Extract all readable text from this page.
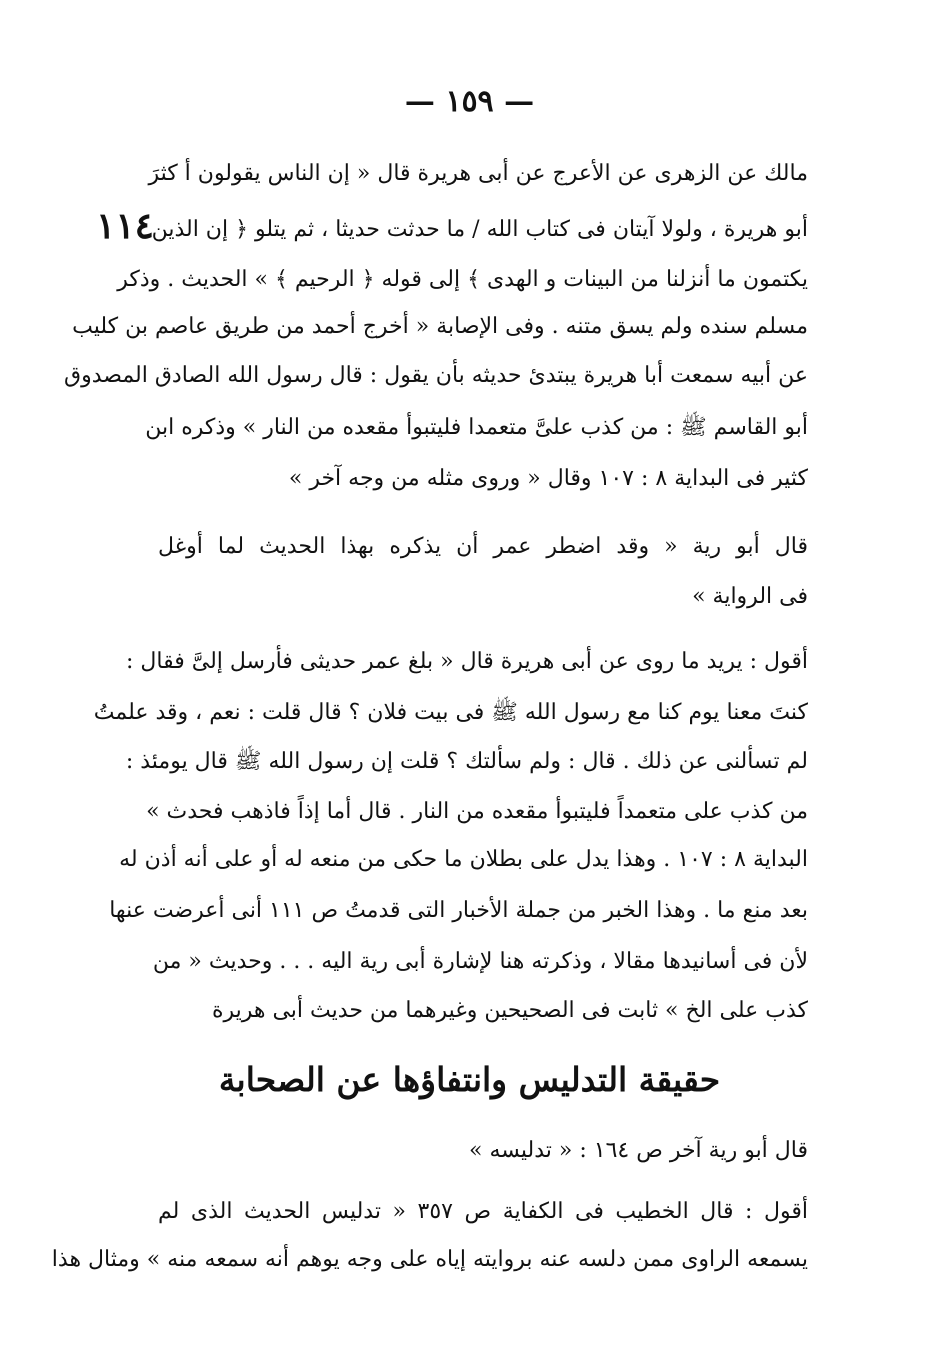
— ١٥٩ —
١١٤
مالك عن الزهرى عن الأعرج عن أبى هريرة قال « إن الناس يقولون أ كثرَ
أبو هريرة ، ولولا آيتان فى كتاب الله / ما حدثت حديثا ، ثم يتلو ﴿ إن الذين
يكتمون ما أنزلنا من البينات و الهدى ﴾ إلى قوله ﴿ الرحيم ﴾ » الحديث . وذكر
مسلم سنده ولم يسق متنه . وفى الإصابة « أخرج أحمد من طريق عاصم بن كليب
عن أبيه سمعت أبا هريرة يبتدئ حديثه بأن يقول : قال رسول الله الصادق المصدوق
أبو القاسم ﷺ : من كذب علىَّ متعمدا فليتبوأ مقعده من النار » وذكره ابن
كثير فى البداية ٨ : ١٠٧ وقال « وروى مثله من وجه آخر »
قال أبو رية « وقد اضطر عمر أن يذكره بهذا الحديث لما أوغل
فى الرواية »
أقول : يريد ما روى عن أبى هريرة قال « بلغ عمر حديثى فأرسل إلىَّ فقال :
كنتَ معنا يوم كنا مع رسول الله ﷺ فى بيت فلان ؟ قال قلت : نعم ، وقد علمتُ
لم تسألنى عن ذلك . قال : ولم سألتك ؟ قلت إن رسول الله ﷺ قال يومئذ :
من كذب على متعمداً فليتبوأ مقعده من النار . قال أما إذاً فاذهب فحدث »
البداية ٨ : ١٠٧ . وهذا يدل على بطلان ما حكى من منعه له أو على أنه أذن له
بعد منع ما . وهذا الخبر من جملة الأخبار التى قدمتُ ص ١١١ أنى أعرضت عنها
لأن فى أسانيدها مقالا ، وذكرته هنا لإشارة أبى رية اليه . . . وحديث « من
كذب على الخ » ثابت فى الصحيحين وغيرهما من حديث أبى هريرة
حقيقة التدليس وانتفاؤها عن الصحابة
قال أبو رية آخر ص ١٦٤ : « تدليسه »
أقول : قال الخطيب فى الكفاية ص ٣٥٧ « تدليس الحديث الذى لم
يسمعه الراوى ممن دلسه عنه بروايته إياه على وجه يوهم أنه سمعه منه » ومثال هذا
